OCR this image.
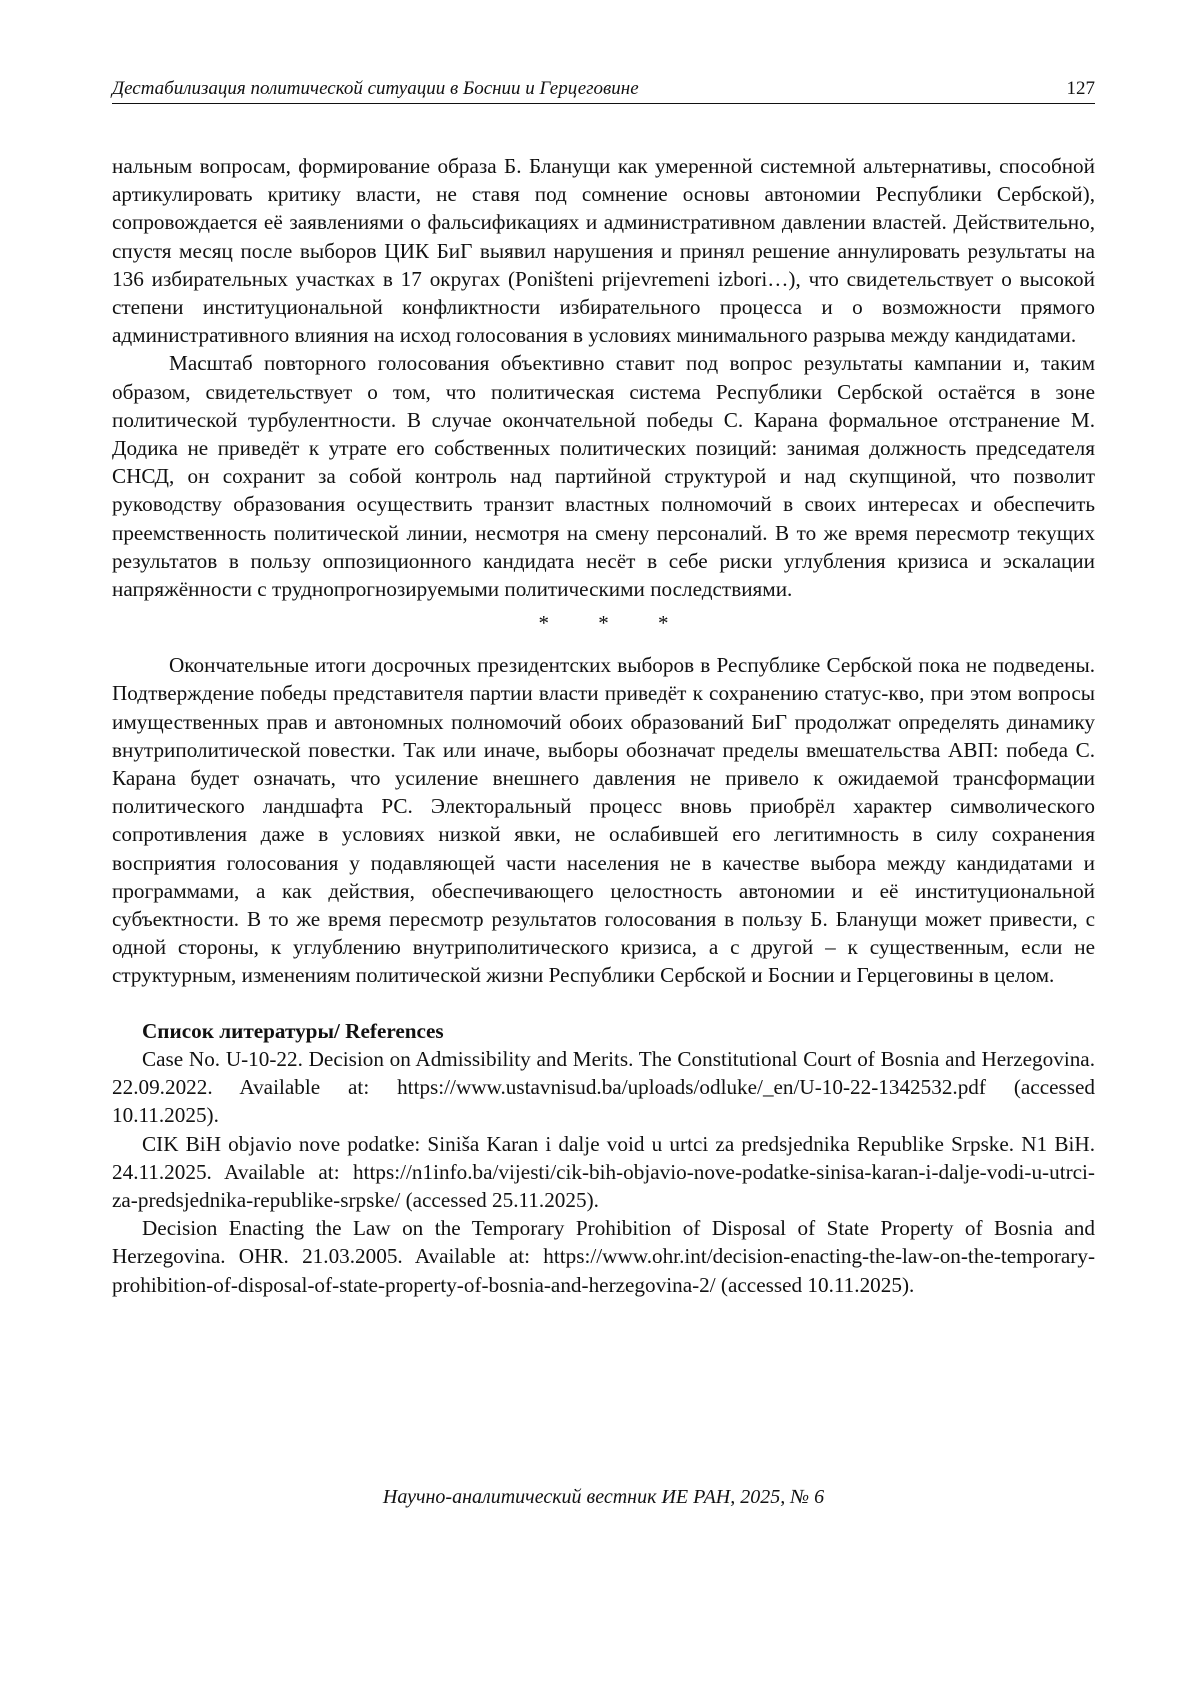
Дестабилизация политической ситуации в Боснии и Герцеговине	127

нальным вопросам, формирование образа Б. Бланущи как умеренной системной альтернативы, способной артикулировать критику власти, не ставя под сомнение основы автономии Республики Сербской), сопровождается её заявлениями о фальсификациях и административном давлении властей. Действительно, спустя месяц после выборов ЦИК БиГ выявил нарушения и принял решение аннулировать результаты на 136 избирательных участках в 17 округах (Poništeni prijevremeni izbori…), что свидетельствует о высокой степени институциональной конфликтности избирательного процесса и о возможности прямого административного влияния на исход голосования в условиях минимального разрыва между кандидатами.

Масштаб повторного голосования объективно ставит под вопрос результаты кампании и, таким образом, свидетельствует о том, что политическая система Республики Сербской остаётся в зоне политической турбулентности. В случае окончательной победы С. Карана формальное отстранение М. Додика не приведёт к утрате его собственных политических позиций: занимая должность председателя СНСД, он сохранит за собой контроль над партийной структурой и над скупщиной, что позволит руководству образования осуществить транзит властных полномочий в своих интересах и обеспечить преемственность политической линии, несмотря на смену персоналий. В то же время пересмотр текущих результатов в пользу оппозиционного кандидата несёт в себе риски углубления кризиса и эскалации напряжённости с труднопрогнозируемыми политическими последствиями.

* * *

Окончательные итоги досрочных президентских выборов в Республике Сербской пока не подведены. Подтверждение победы представителя партии власти приведёт к сохранению статус-кво, при этом вопросы имущественных прав и автономных полномочий обоих образований БиГ продолжат определять динамику внутриполитической повестки. Так или иначе, выборы обозначат пределы вмешательства АВП: победа С. Карана будет означать, что усиление внешнего давления не привело к ожидаемой трансформации политического ландшафта РС. Электоральный процесс вновь приобрёл характер символического сопротивления даже в условиях низкой явки, не ослабившей его легитимность в силу сохранения восприятия голосования у подавляющей части населения не в качестве выбора между кандидатами и программами, а как действия, обеспечивающего целостность автономии и её институциональной субъектности. В то же время пересмотр результатов голосования в пользу Б. Бланущи может привести, с одной стороны, к углублению внутриполитического кризиса, а с другой – к существенным, если не структурным, изменениям политической жизни Республики Сербской и Боснии и Герцеговины в целом.

Список литературы/ References

Case No. U-10-22. Decision on Admissibility and Merits. The Constitutional Court of Bosnia and Herzegovina. 22.09.2022. Available at: https://www.ustavnisud.ba/uploads/odluke/_en/U-10-22-1342532.pdf (accessed 10.11.2025).

CIK BiH objavio nove podatke: Siniša Karan i dalje void u urtci za predsjednika Republike Srpske. N1 BiH. 24.11.2025. Available at: https://n1info.ba/vijesti/cik-bih-objavio-nove-podatke-sinisa-karan-i-dalje-vodi-u-utrci-za-predsjednika-republike-srpske/ (accessed 25.11.2025).

Decision Enacting the Law on the Temporary Prohibition of Disposal of State Property of Bosnia and Herzegovina. OHR. 21.03.2005. Available at: https://www.ohr.int/decision-enacting-the-law-on-the-temporary-prohibition-of-disposal-of-state-property-of-bosnia-and-herzegovina-2/ (accessed 10.11.2025).

Научно-аналитический вестник ИЕ РАН, 2025, № 6
